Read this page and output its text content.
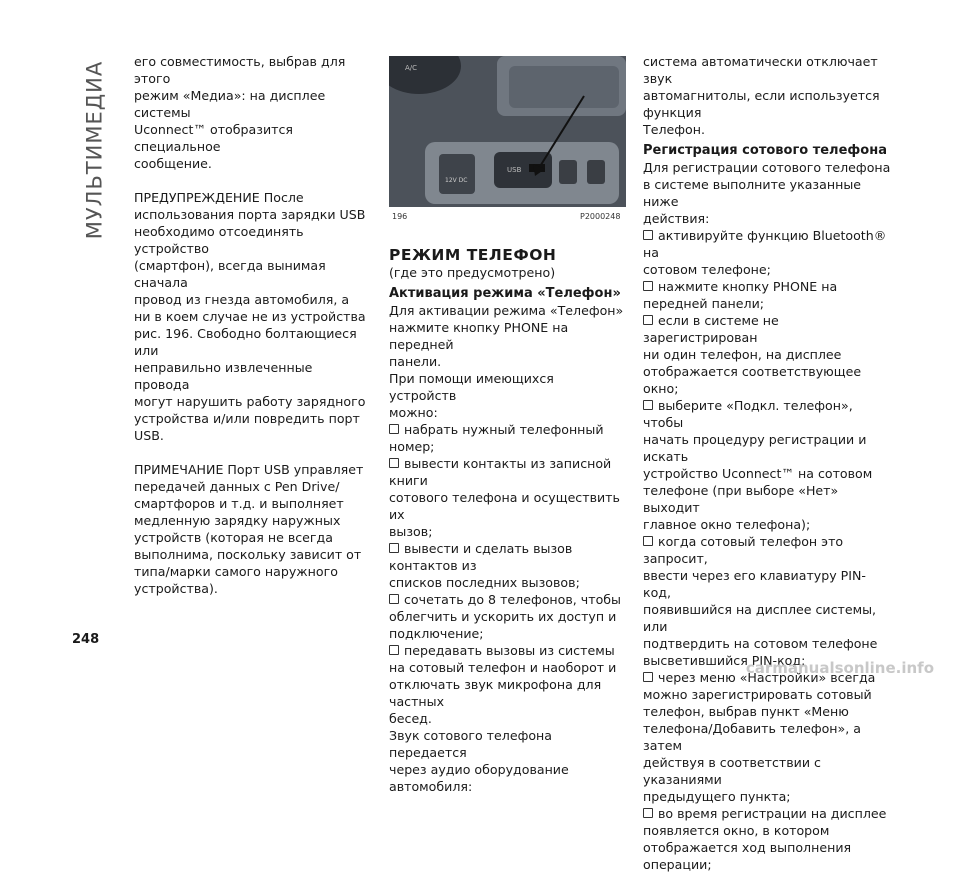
МУЛЬТИМЕДИА его совместимость, выбрав для этого

режим «Медиа»: на дисплее системы

Uconnect™ отобразится специальное

сообщение.

ПРЕДУПРЕЖДЕНИЕ После

использования порта зарядки USB

необходимо отсоединять устройство

(смартфон), всегда вынимая сначала

провод из гнезда автомобиля, а

ни в коем случае не из устройства

рис. 196. Свободно болтающиеся или

неправильно извлеченные провода

могут нарушить работу зарядного

устройства и/или повредить порт USB.

ПРИМЕЧАНИЕ Порт USB управляет

передачей данных с Pen Drive/

смартфоров и т.д. и выполняет

медленную зарядку наружных

устройств (которая не всегда

выполнима, поскольку зависит от

типа/марки самого наружного

устройства).

A/C
12V DC
USB
196	P2000248

РЕЖИМ ТЕЛЕФОН

(где это предусмотрено)

Активация режима «Телефон»

Для активации режима «Телефон»

нажмите кнопку PHONE на передней

панели.

При помощи имеющихся устройств

можно:

набрать нужный телефонный номер;

вывести контакты из записной книги

сотового телефона и осуществить их

вызов;

вывести и сделать вызов контактов из

списков последних вызовов;

сочетать до 8 телефонов, чтобы

облегчить и ускорить их доступ и

подключение;

передавать вызовы из системы

на сотовый телефон и наоборот и

отключать звук микрофона для частных

бесед.

Звук сотового телефона передается

через аудио оборудование автомобиля:

система автоматически отключает звук

автомагнитолы, если используется функция

Телефон.

Регистрация сотового телефона

Для регистрации сотового телефона

в системе выполните указанные ниже

действия:

активируйте функцию Bluetooth® на

сотовом телефоне;

нажмите кнопку PHONE на

передней панели;

если в системе не зарегистрирован

ни один телефон, на дисплее

отображается соответствующее окно;

выберите «Подкл. телефон», чтобы

начать процедуру регистрации и искать

устройство Uconnect™ на сотовом

телефоне (при выборе «Нет» выходит

главное окно телефона);

когда сотовый телефон это запросит,

ввести через его клавиатуру PIN-код,

появившийся на дисплее системы, или

подтвердить на сотовом телефоне

высветившийся PIN-код;

через меню «Настройки» всегда

можно зарегистрировать сотовый

телефон, выбрав пункт «Меню

телефона/Добавить телефон», а затем

действуя в соответствии с указаниями

предыдущего пункта;

во время регистрации на дисплее

появляется окно, в котором

отображается ход выполнения

операции;

248
carmanualsonline.info
